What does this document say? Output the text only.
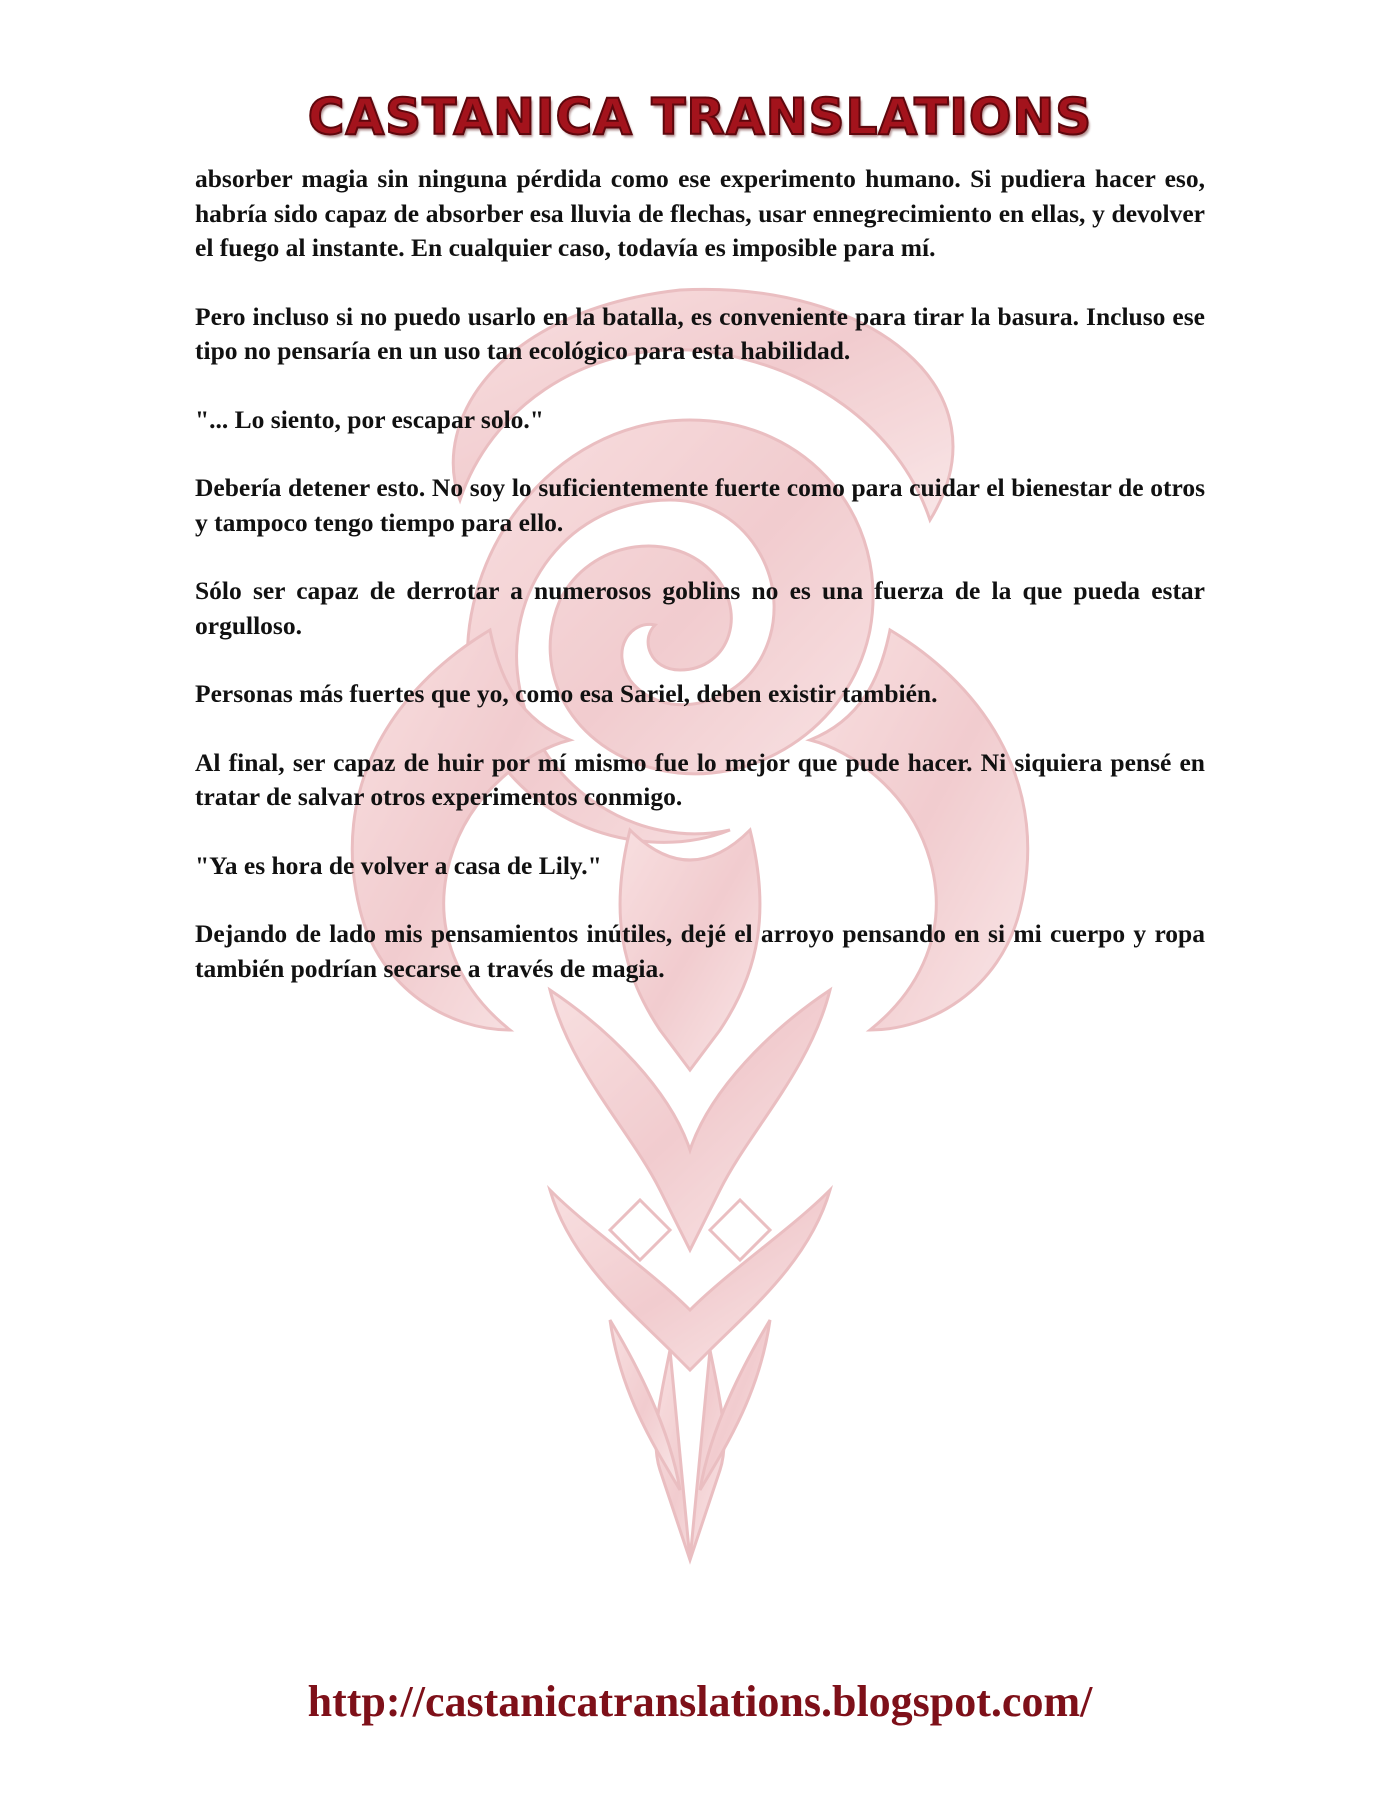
CASTANICA TRANSLATIONS

absorber magia sin ninguna pérdida como ese experimento humano. Si pudiera hacer eso, habría sido capaz de absorber esa lluvia de flechas, usar ennegrecimiento en ellas, y devolver el fuego al instante. En cualquier caso, todavía es imposible para mí.

Pero incluso si no puedo usarlo en la batalla, es conveniente para tirar la basura. Incluso ese tipo no pensaría en un uso tan ecológico para esta habilidad.

"... Lo siento, por escapar solo."

Debería detener esto. No soy lo suficientemente fuerte como para cuidar el bienestar de otros y tampoco tengo tiempo para ello.

Sólo ser capaz de derrotar a numerosos goblins no es una fuerza de la que pueda estar orgulloso.

Personas más fuertes que yo, como esa Sariel, deben existir también.

Al final, ser capaz de huir por mí mismo fue lo mejor que pude hacer. Ni siquiera pensé en tratar de salvar otros experimentos conmigo.

"Ya es hora de volver a casa de Lily."

Dejando de lado mis pensamientos inútiles, dejé el arroyo pensando en si mi cuerpo y ropa también podrían secarse a través de magia.

http://castanicatranslations.blogspot.com/
